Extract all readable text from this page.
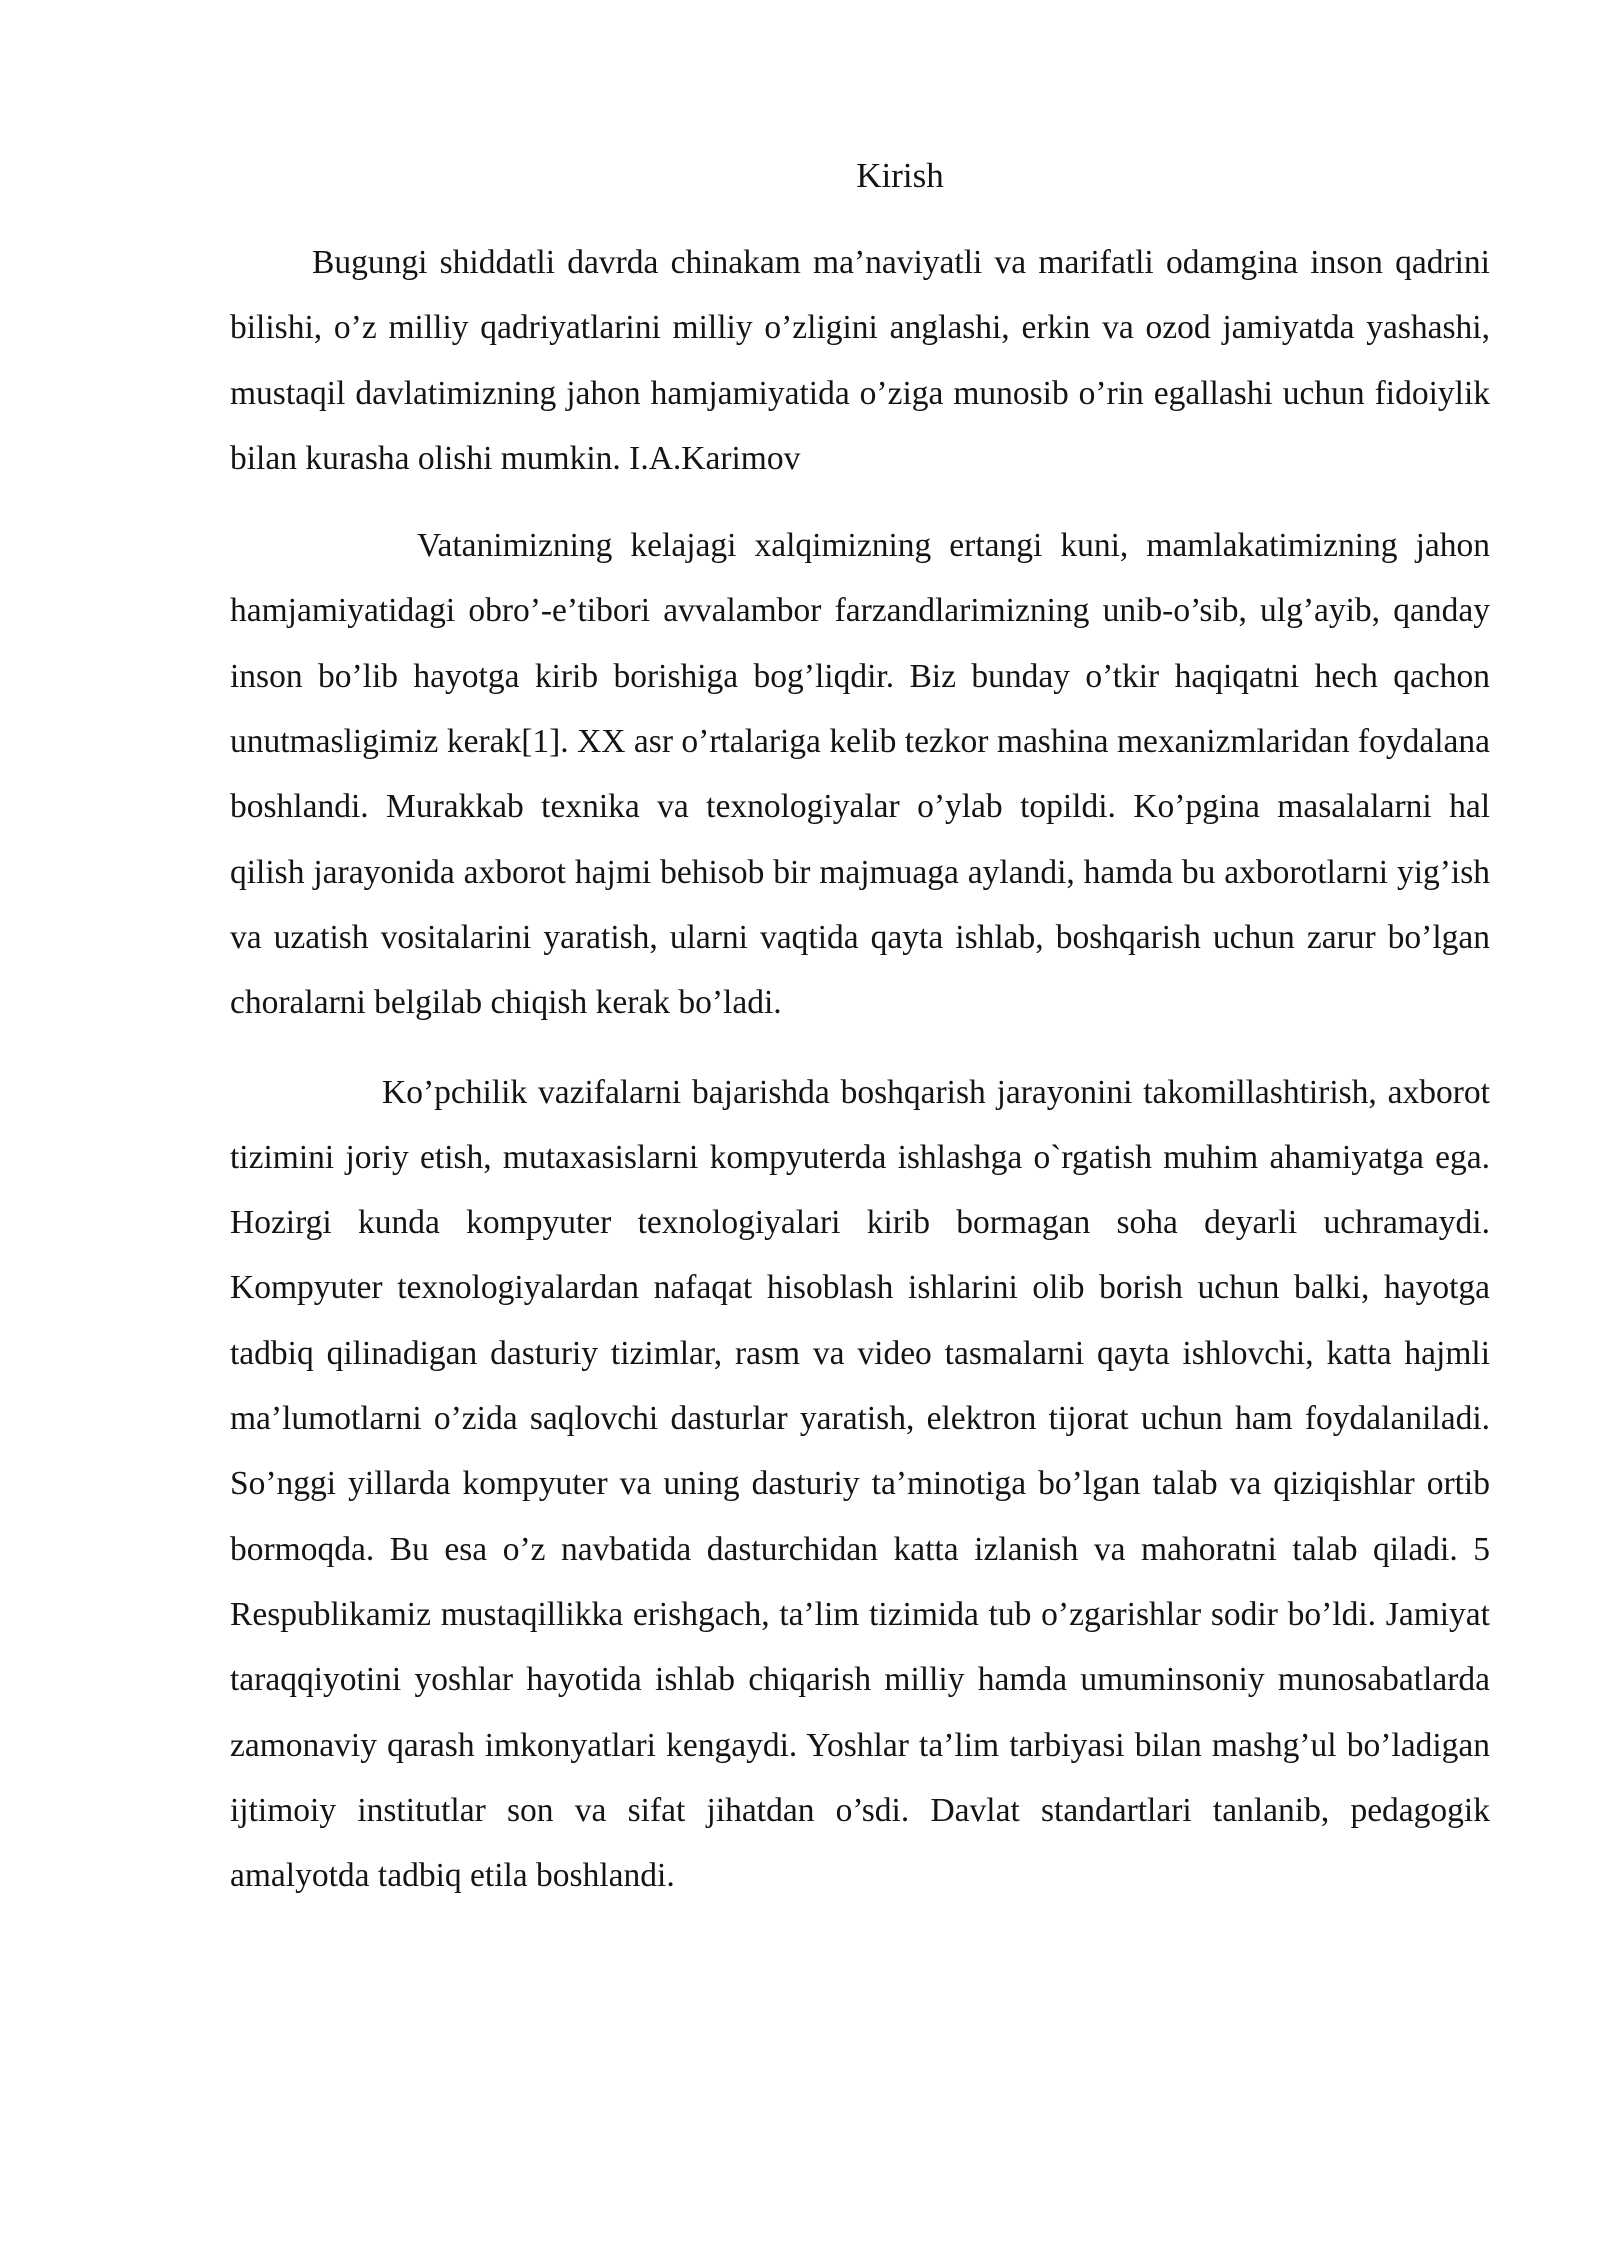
Kirish

Bugungi shiddatli davrda chinakam ma’naviyatli va marifatli odamgina inson qadrini bilishi, o’z milliy qadriyatlarini milliy o’zligini anglashi, erkin va ozod jamiyatda yashashi, mustaqil davlatimizning jahon hamjamiyatida o’ziga munosib o’rin egallashi uchun fidoiylik bilan kurasha olishi mumkin. I.A.Karimov

Vatanimizning kelajagi xalqimizning ertangi kuni, mamlakatimizning jahon hamjamiyatidagi obro’-e’tibori avvalambor farzandlarimizning unib-o’sib, ulg’ayib, qanday inson bo’lib hayotga kirib borishiga bog’liqdir. Biz bunday o’tkir haqiqatni hech qachon unutmasligimiz kerak[1]. XX asr o’rtalariga kelib tezkor mashina mexanizmlaridan foydalana boshlandi. Murakkab texnika va texnologiyalar o’ylab topildi. Ko’pgina masalalarni hal qilish jarayonida axborot hajmi behisob bir majmuaga aylandi, hamda bu axborotlarni yig’ish va uzatish vositalarini yaratish, ularni vaqtida qayta ishlab, boshqarish uchun zarur bo’lgan choralarni belgilab chiqish kerak bo’ladi.

Ko’pchilik vazifalarni bajarishda boshqarish jarayonini takomillashtirish, axborot tizimini joriy etish, mutaxasislarni kompyuterda ishlashga o`rgatish muhim ahamiyatga ega. Hozirgi kunda kompyuter texnologiyalari kirib bormagan soha deyarli uchramaydi. Kompyuter texnologiyalardan nafaqat hisoblash ishlarini olib borish uchun balki, hayotga tadbiq qilinadigan dasturiy tizimlar, rasm va video tasmalarni qayta ishlovchi, katta hajmli ma’lumotlarni o’zida saqlovchi dasturlar yaratish, elektron tijorat uchun ham foydalaniladi. So’nggi yillarda kompyuter va uning dasturiy ta’minotiga bo’lgan talab va qiziqishlar ortib bormoqda. Bu esa o’z navbatida dasturchidan katta izlanish va mahoratni talab qiladi. 5 Respublikamiz mustaqillikka erishgach, ta’lim tizimida tub o’zgarishlar sodir bo’ldi. Jamiyat taraqqiyotini yoshlar hayotida ishlab chiqarish milliy hamda umuminsoniy munosabatlarda zamonaviy qarash imkonyatlari kengaydi. Yoshlar ta’lim tarbiyasi bilan mashg’ul bo’ladigan ijtimoiy institutlar son va sifat jihatdan o’sdi. Davlat standartlari tanlanib, pedagogik amalyotda tadbiq etila boshlandi.
